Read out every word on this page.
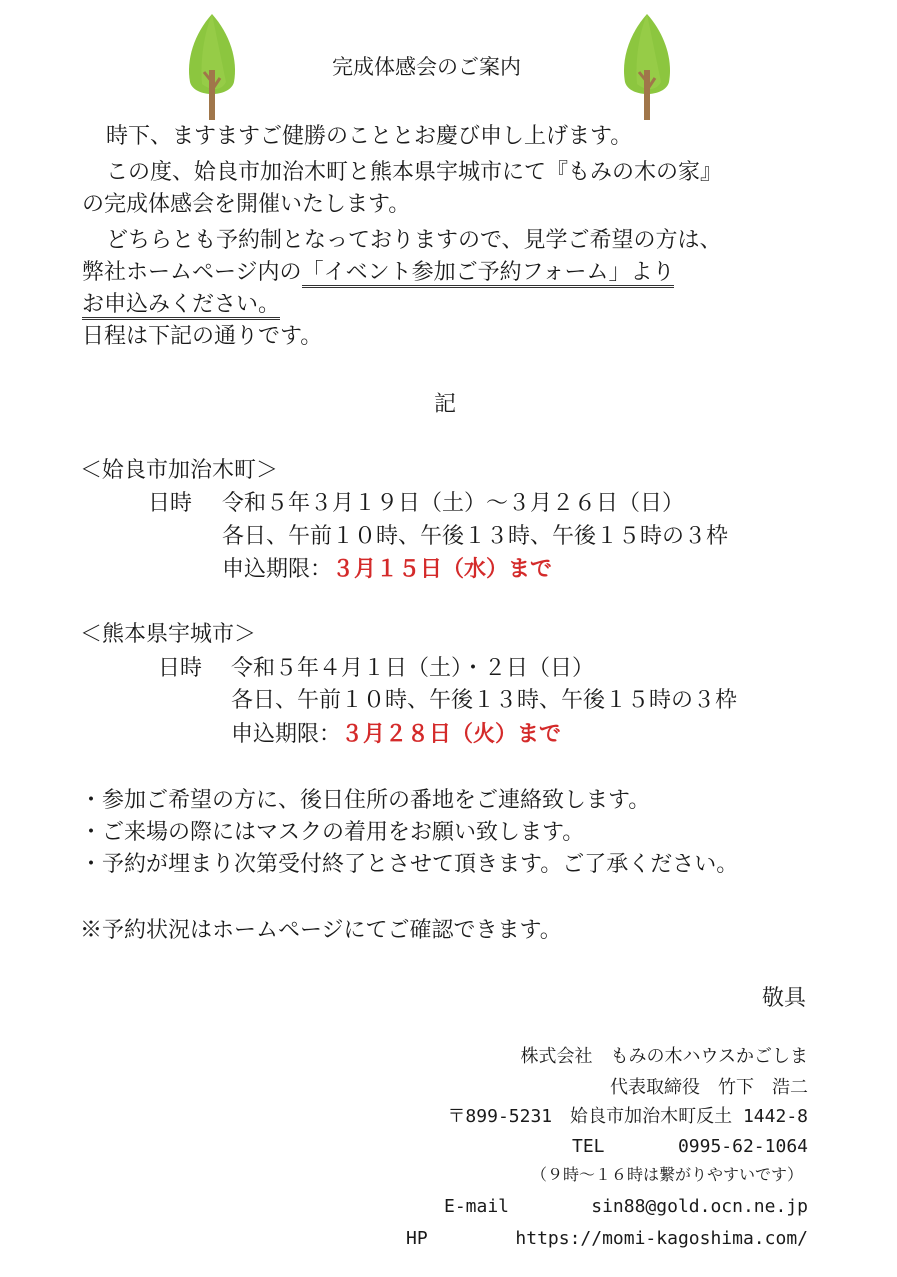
完成体感会のご案内
時下、ますますご健勝のこととお慶び申し上げます。
この度、姶良市加治木町と熊本県宇城市にて『もみの木の家』
の完成体感会を開催いたします。
どちらとも予約制となっておりますので、見学ご希望の方は、
弊社ホームページ内の「イベント参加ご予約フォーム」より
お申込みください。
日程は下記の通りです。
記
＜姶良市加治木町＞
日時 令和５年３月１９日（土）～３月２６日（日）
各日、午前１０時、午後１３時、午後１５時の３枠
申込期限：３月１５日（水）まで
＜熊本県宇城市＞
日時 令和５年４月１日（土）・２日（日）
各日、午前１０時、午後１３時、午後１５時の３枠
申込期限：３月２８日（火）まで
・参加ご希望の方に、後日住所の番地をご連絡致します。
・ご来場の際にはマスクの着用をお願い致します。
・予約が埋まり次第受付終了とさせて頂きます。ご了承ください。
※予約状況はホームページにてご確認できます。
敬具
株式会社　もみの木ハウスかごしま
代表取締役　竹下　浩二
〒899-5231　姶良市加治木町反土 1442-8
TEL	0995-62-1064
（９時～１６時は繋がりやすいです）
E-mail	sin88@gold.ocn.ne.jp
HP	https://momi-kagoshima.com/
